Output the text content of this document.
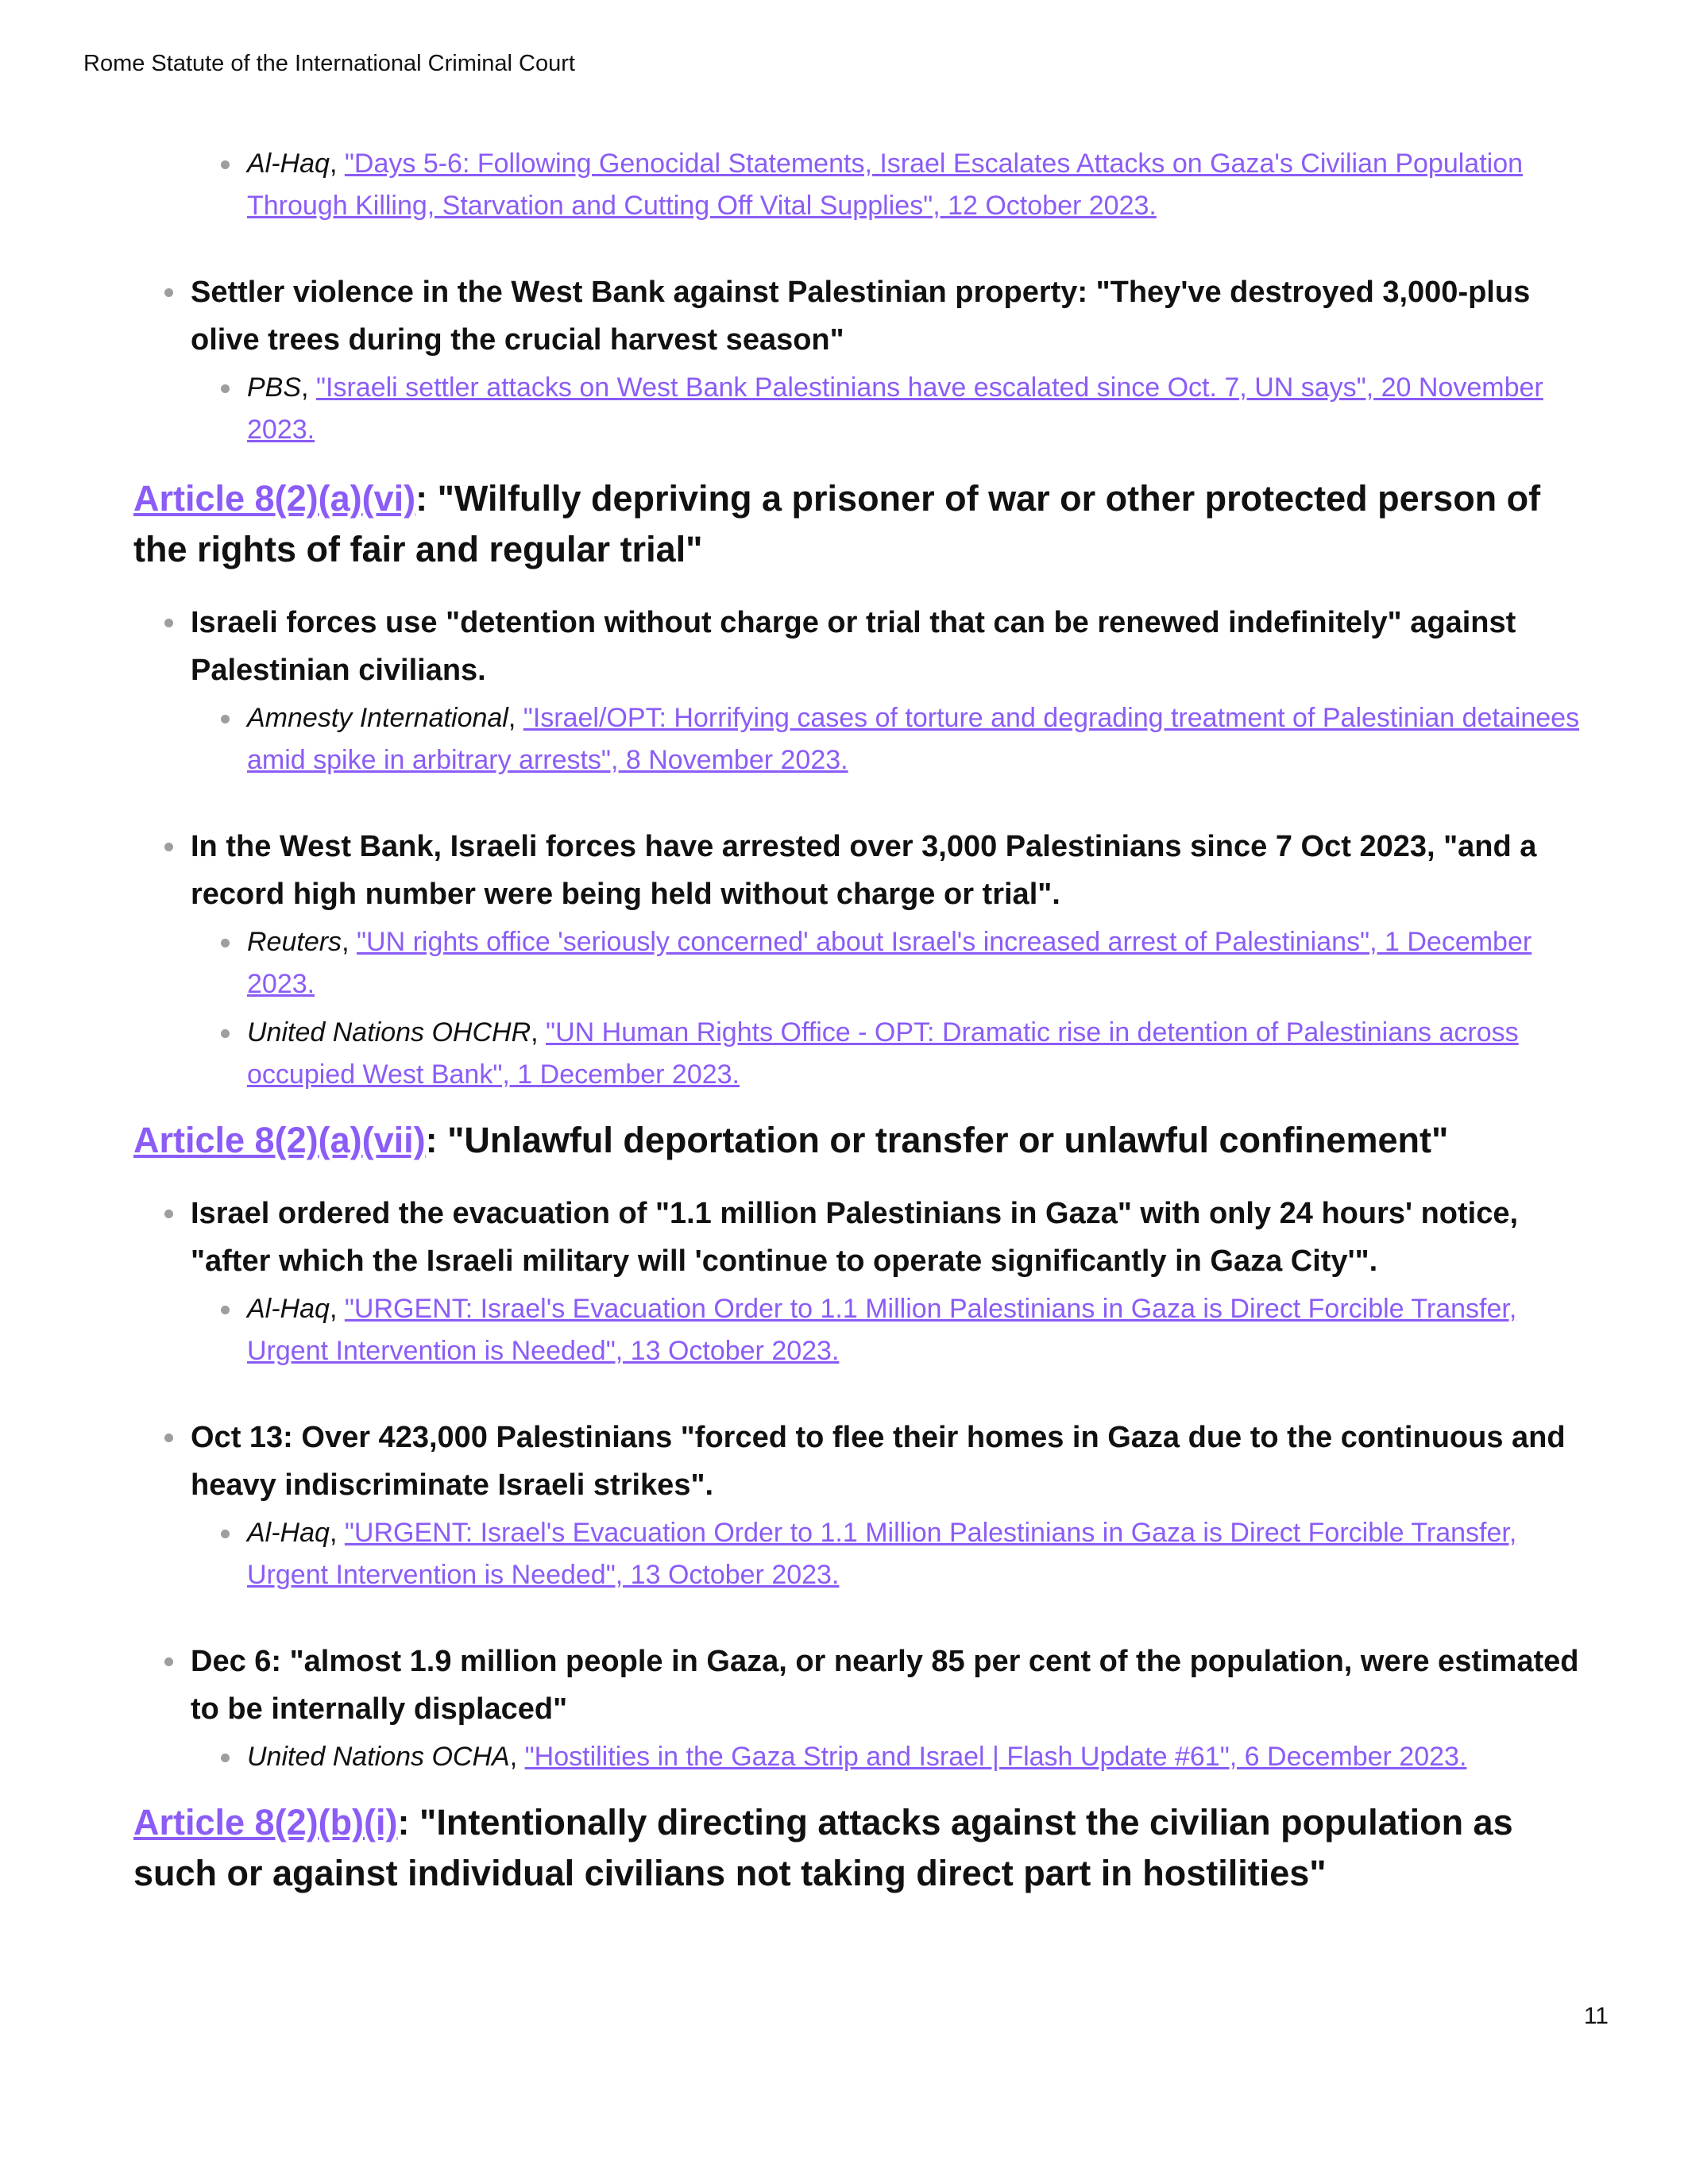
Rome Statute of the International Criminal Court
Al-Haq, "Days 5-6: Following Genocidal Statements, Israel Escalates Attacks on Gaza's Civilian Population Through Killing, Starvation and Cutting Off Vital Supplies", 12 October 2023.
Settler violence in the West Bank against Palestinian property: "They've destroyed 3,000-plus olive trees during the crucial harvest season"
PBS, "Israeli settler attacks on West Bank Palestinians have escalated since Oct. 7, UN says", 20 November 2023.
Article 8(2)(a)(vi): "Wilfully depriving a prisoner of war or other protected person of the rights of fair and regular trial"
Israeli forces use "detention without charge or trial that can be renewed indefinitely" against Palestinian civilians.
Amnesty International, "Israel/OPT: Horrifying cases of torture and degrading treatment of Palestinian detainees amid spike in arbitrary arrests", 8 November 2023.
In the West Bank, Israeli forces have arrested over 3,000 Palestinians since 7 Oct 2023, "and a record high number were being held without charge or trial".
Reuters, "UN rights office 'seriously concerned' about Israel's increased arrest of Palestinians", 1 December 2023.
United Nations OHCHR, "UN Human Rights Office - OPT: Dramatic rise in detention of Palestinians across occupied West Bank", 1 December 2023.
Article 8(2)(a)(vii): "Unlawful deportation or transfer or unlawful confinement"
Israel ordered the evacuation of "1.1 million Palestinians in Gaza" with only 24 hours' notice, "after which the Israeli military will 'continue to operate significantly in Gaza City'".
Al-Haq, "URGENT: Israel's Evacuation Order to 1.1 Million Palestinians in Gaza is Direct Forcible Transfer, Urgent Intervention is Needed", 13 October 2023.
Oct 13: Over 423,000 Palestinians "forced to flee their homes in Gaza due to the continuous and heavy indiscriminate Israeli strikes".
Al-Haq, "URGENT: Israel's Evacuation Order to 1.1 Million Palestinians in Gaza is Direct Forcible Transfer, Urgent Intervention is Needed", 13 October 2023.
Dec 6: "almost 1.9 million people in Gaza, or nearly 85 per cent of the population, were estimated to be internally displaced"
United Nations OCHA, "Hostilities in the Gaza Strip and Israel | Flash Update #61", 6 December 2023.
Article 8(2)(b)(i): "Intentionally directing attacks against the civilian population as such or against individual civilians not taking direct part in hostilities"
11
